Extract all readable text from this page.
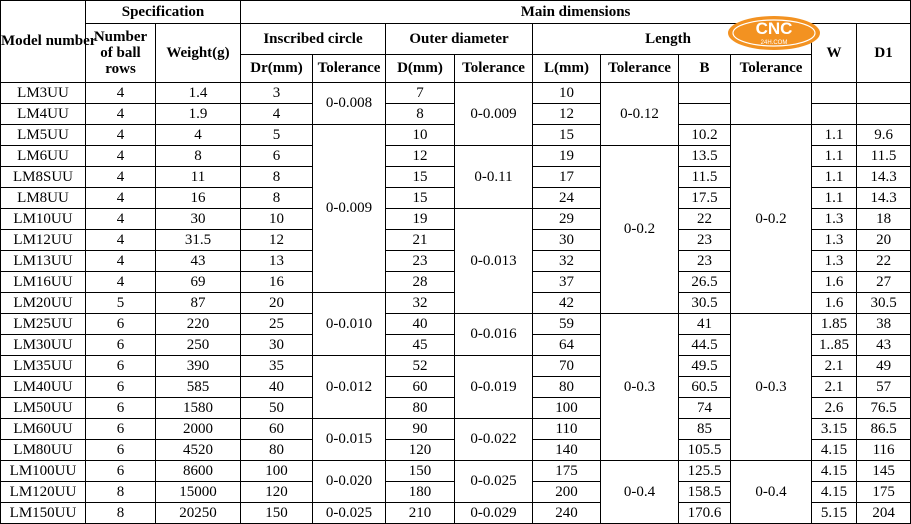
Model number	Specification		Main dimensions									
	Number of ball rows	Weight(g)	Inscribed circle		Outer diameter		Length				W	D1
			Dr(mm)	Tolerance	D(mm)	Tolerance	L(mm)	Tolerance	B	Tolerance		
LM3UU	4	1.4	3	0-0.008	7	0-0.009	10	0-0.12				
LM4UU	4	1.9	4		8		12					
LM5UU	4	4	5	0-0.009	10		15		10.2	0-0.2	1.1	9.6
LM6UU	4	8	6		12	0-0.11	19	0-0.2	13.5		1.1	11.5
LM8SUU	4	11	8		15		17		11.5		1.1	14.3
LM8UU	4	16	8		15		24		17.5		1.1	14.3
LM10UU	4	30	10		19	0-0.013	29		22		1.3	18
LM12UU	4	31.5	12		21		30		23		1.3	20
LM13UU	4	43	13		23		32		23		1.3	22
LM16UU	4	69	16		28		37		26.5		1.6	27
LM20UU	5	87	20	0-0.010	32		42		30.5		1.6	30.5
LM25UU	6	220	25		40	0-0.016	59	0-0.3	41	0-0.3	1.85	38
LM30UU	6	250	30		45		64		44.5		1..85	43
LM35UU	6	390	35	0-0.012	52	0-0.019	70		49.5		2.1	49
LM40UU	6	585	40		60		80		60.5		2.1	57
LM50UU	6	1580	50		80		100		74		2.6	76.5
LM60UU	6	2000	60	0-0.015	90	0-0.022	110		85		3.15	86.5
LM80UU	6	4520	80		120		140		105.5		4.15	116
LM100UU	6	8600	100	0-0.020	150	0-0.025	175	0-0.4	125.5	0-0.4	4.15	145
LM120UU	8	15000	120		180		200		158.5		4.15	175
LM150UU	8	20250	150	0-0.025	210	0-0.029	240		170.6		5.15	204
CNC
24H.COM
